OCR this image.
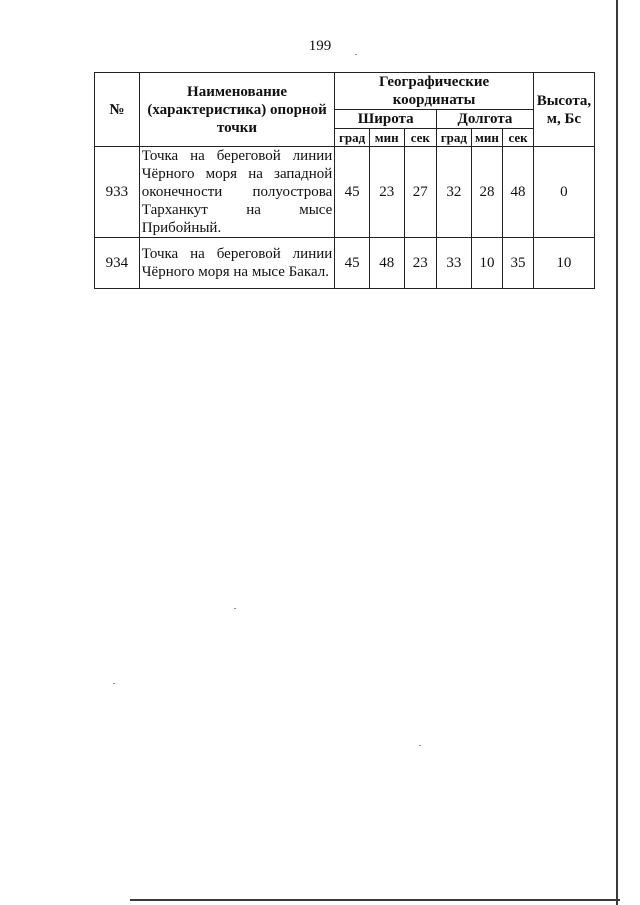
199
№	Наименование (характеристика) опорной точки	Географические координаты						Высота, м, Бс
		Широта			Долгота			
		град	мин	сек	град	мин	сек	
933	Точка на береговой линии Чёрного моря на западной оконечности полуострова Тарханкут на мысе Прибойный.	45	23	27	32	28	48	0
934	Точка на береговой линии Чёрного моря на мысе Бакал.	45	48	23	33	10	35	10
